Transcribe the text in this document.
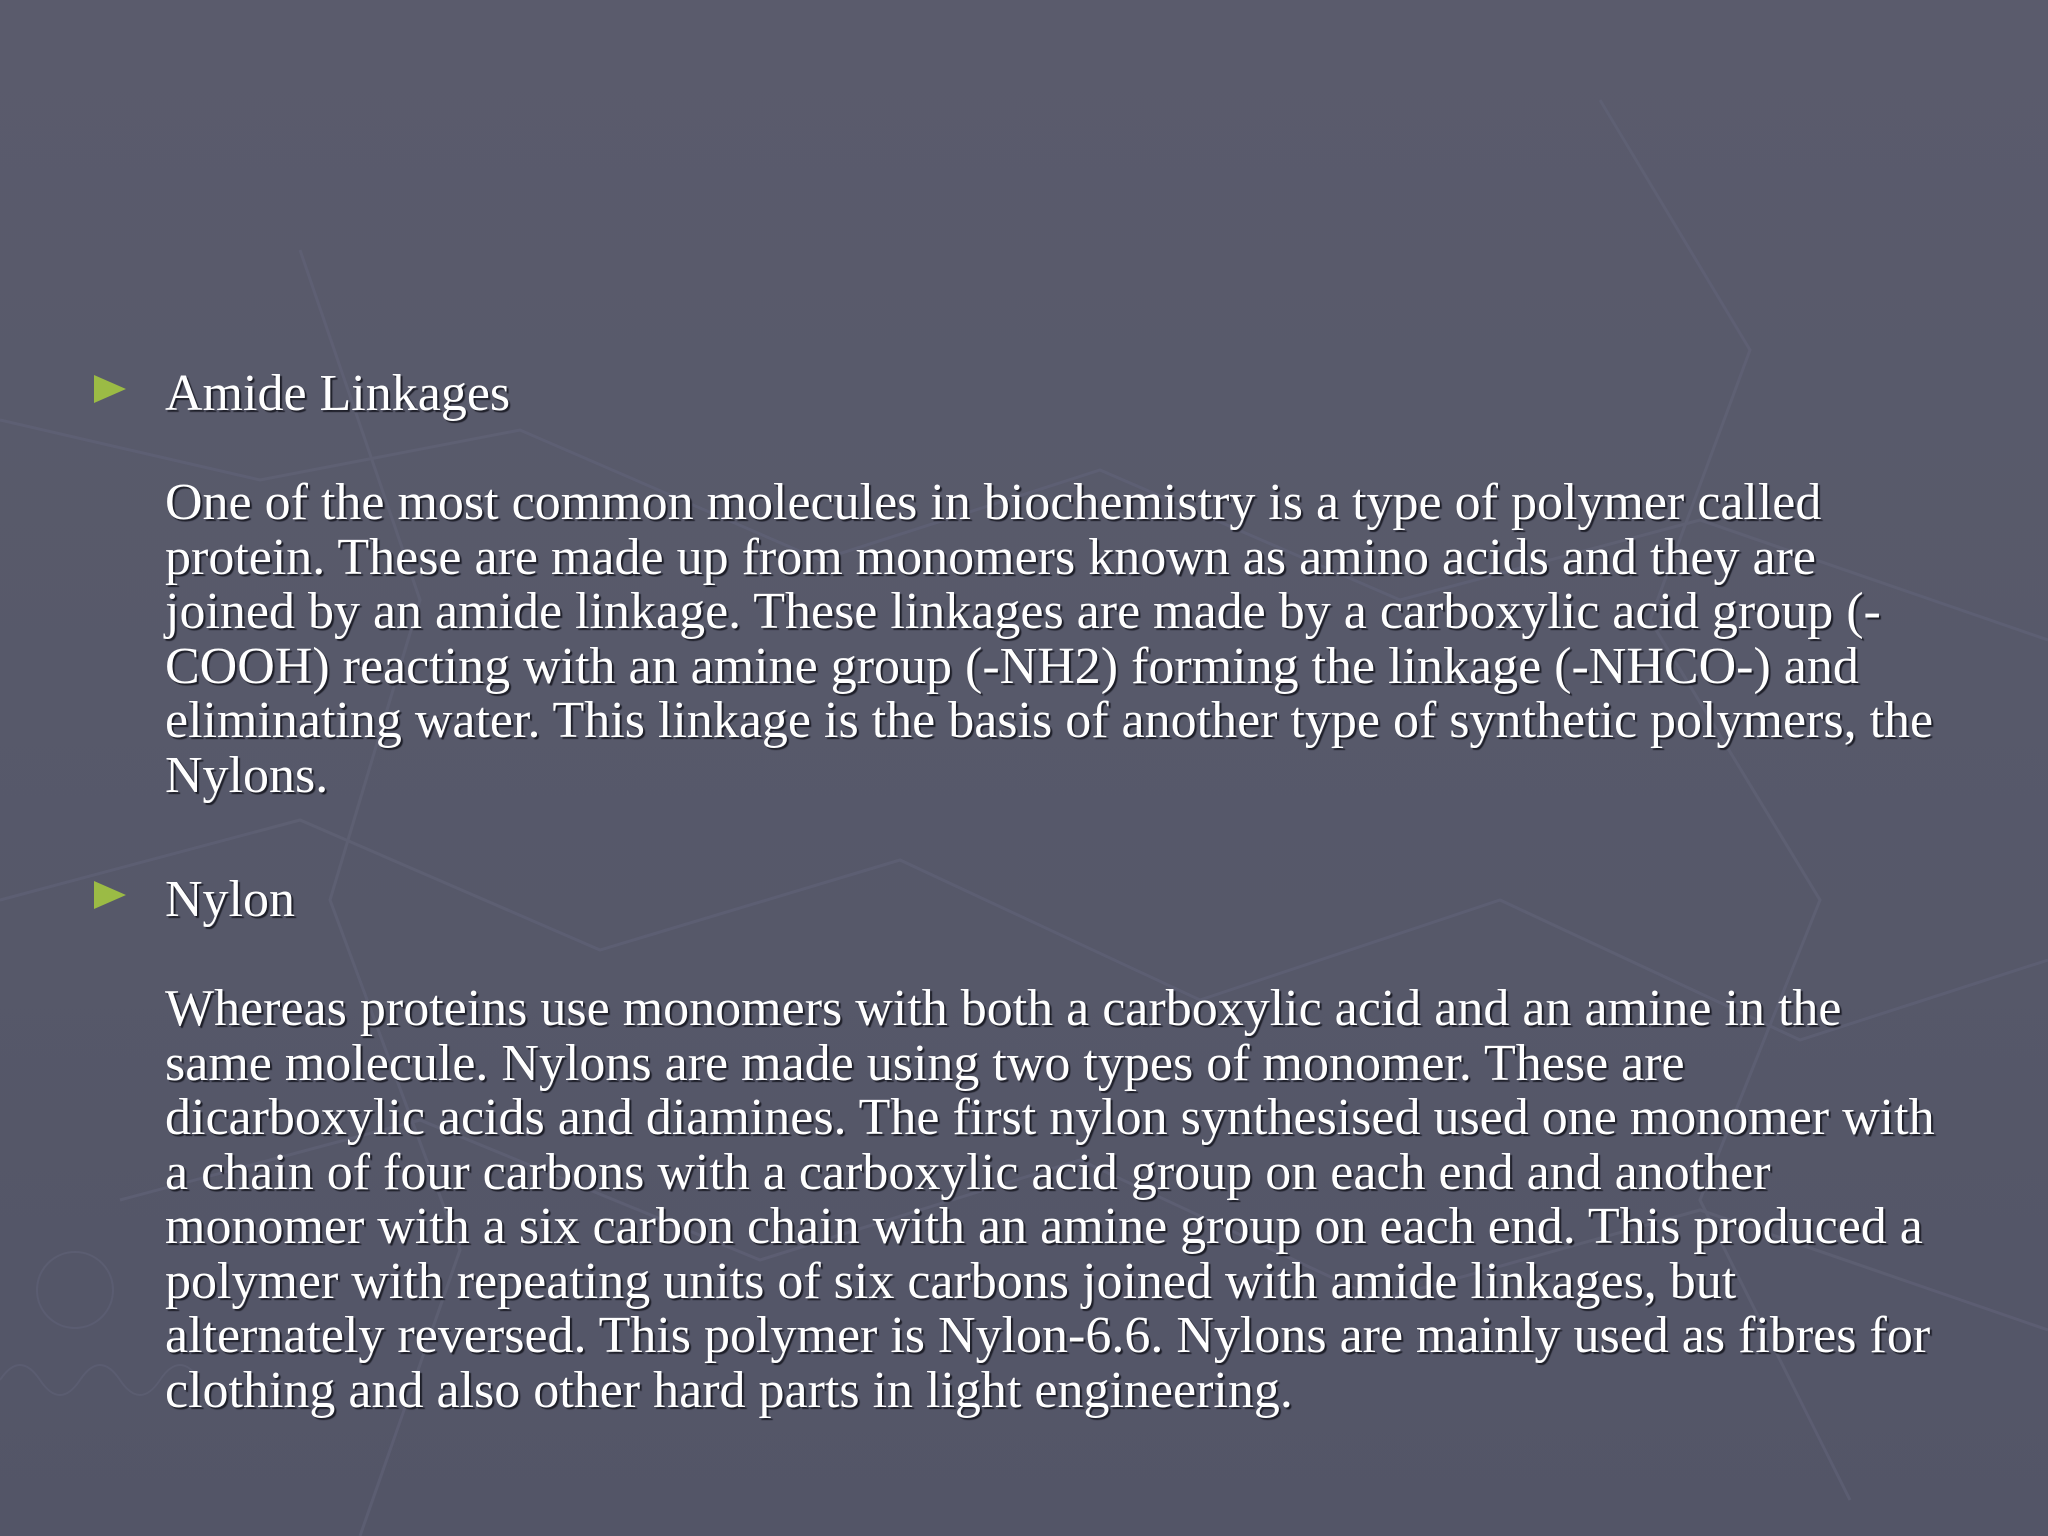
Amide Linkages

One of the most common molecules in biochemistry is a type of polymer called protein. These are made up from monomers known as amino acids and they are joined by an amide linkage. These linkages are made by a carboxylic acid group (-COOH) reacting with an amine group (-NH2) forming the linkage (-NHCO-) and eliminating water. This linkage is the basis of another type of synthetic polymers, the Nylons.

Nylon

Whereas proteins use monomers with both a carboxylic acid and an amine in the same molecule. Nylons are made using two types of monomer. These are dicarboxylic acids and diamines. The first nylon synthesised used one monomer with a chain of four carbons with a carboxylic acid group on each end and another monomer with a six carbon chain with an amine group on each end. This produced a polymer with repeating units of six carbons joined with amide linkages, but alternately reversed. This polymer is Nylon-6.6. Nylons are mainly used as fibres for clothing and also other hard parts in light engineering.
